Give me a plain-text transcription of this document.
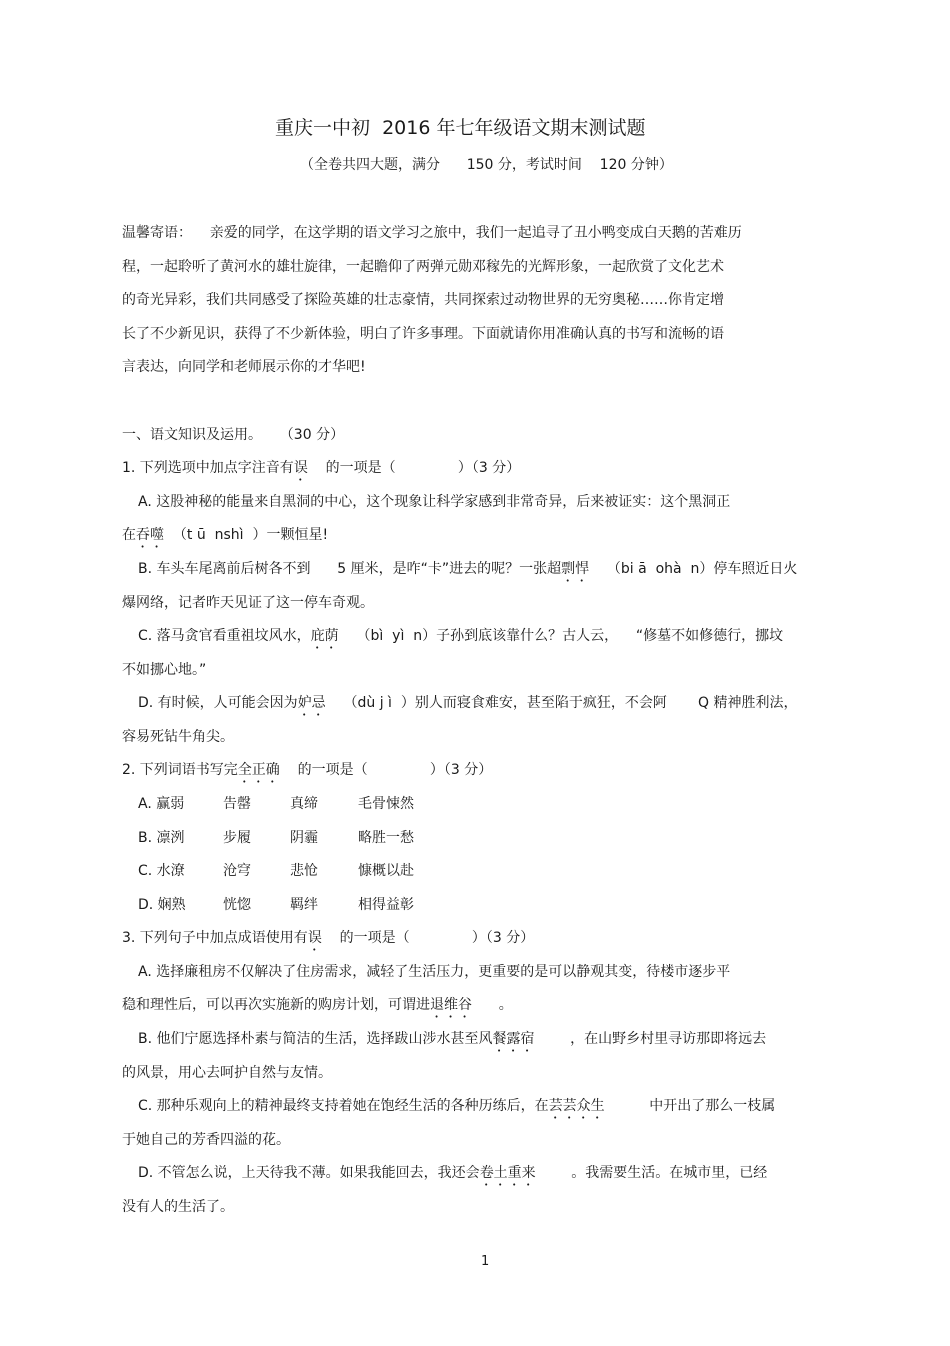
重庆一中初  2016 年七年级语文期末测试题
（全卷共四大题，满分      150 分，考试时间    120 分钟）
温馨寄语：    亲爱的同学，在这学期的语文学习之旅中，我们一起追寻了丑小鸭变成白天鹅的苦难历
程，一起聆听了黄河水的雄壮旋律，一起瞻仰了两弹元勋邓稼先的光辉形象，一起欣赏了文化艺术
的奇光异彩，我们共同感受了探险英雄的壮志豪情，共同探索过动物世界的无穷奥秘……你肯定增
长了不少新见识，获得了不少新体验，明白了许多事理。下面就请你用准确认真的书写和流畅的语
言表达，向同学和老师展示你的才华吧!
一、语文知识及运用。    （30 分）
1. 下列选项中加点字注音有误    的一项是（              ）（3 分）
A. 这股神秘的能量来自黑洞的中心，这个现象让科学家感到非常奇异，后来被证实：这个黑洞正
在吞噬  （t ū  nshì  ）一颗恒星!
B. 车头车尾离前后树各不到      5 厘米，是咋“卡”进去的呢？一张超剽悍    （bi ā  ohà  n）停车照近日火
爆网络，记者昨天见证了这一停车奇观。
C. 落马贪官看重祖坟风水，庇荫    （bì  yì  n）子孙到底该靠什么？古人云，    “修墓不如修德行，挪坟
不如挪心地。”
D. 有时候，人可能会因为妒忌    （dù j ì  ）别人而寝食难安，甚至陷于疯狂，不会阿       Q 精神胜利法，
容易死钻牛角尖。
2. 下列词语书写完全正确    的一项是（              ）（3 分）
A. 赢弱	告罄	真缔	毛骨悚然
B. 凛洌	步履	阴霾	略胜一愁
C. 水潦	沧穹	悲怆	慷概以赴
D. 娴熟	恍惚	羁绊	相得益彰
3. 下列句子中加点成语使用有误    的一项是（              ）（3 分）
A. 选择廉租房不仅解决了住房需求，减轻了生活压力，更重要的是可以静观其变，待楼市逐步平
稳和理性后，可以再次实施新的购房计划，可谓进退维谷      。
B. 他们宁愿选择朴素与简洁的生活，选择跋山涉水甚至风餐露宿        ，在山野乡村里寻访那即将远去
的风景，用心去呵护自然与友情。
C. 那种乐观向上的精神最终支持着她在饱经生活的各种历练后，在芸芸众生          中开出了那么一枝属
于她自己的芳香四溢的花。
D. 不管怎么说，上天待我不薄。如果我能回去，我还会卷土重来        。我需要生活。在城市里，已经
没有人的生活了。
1
